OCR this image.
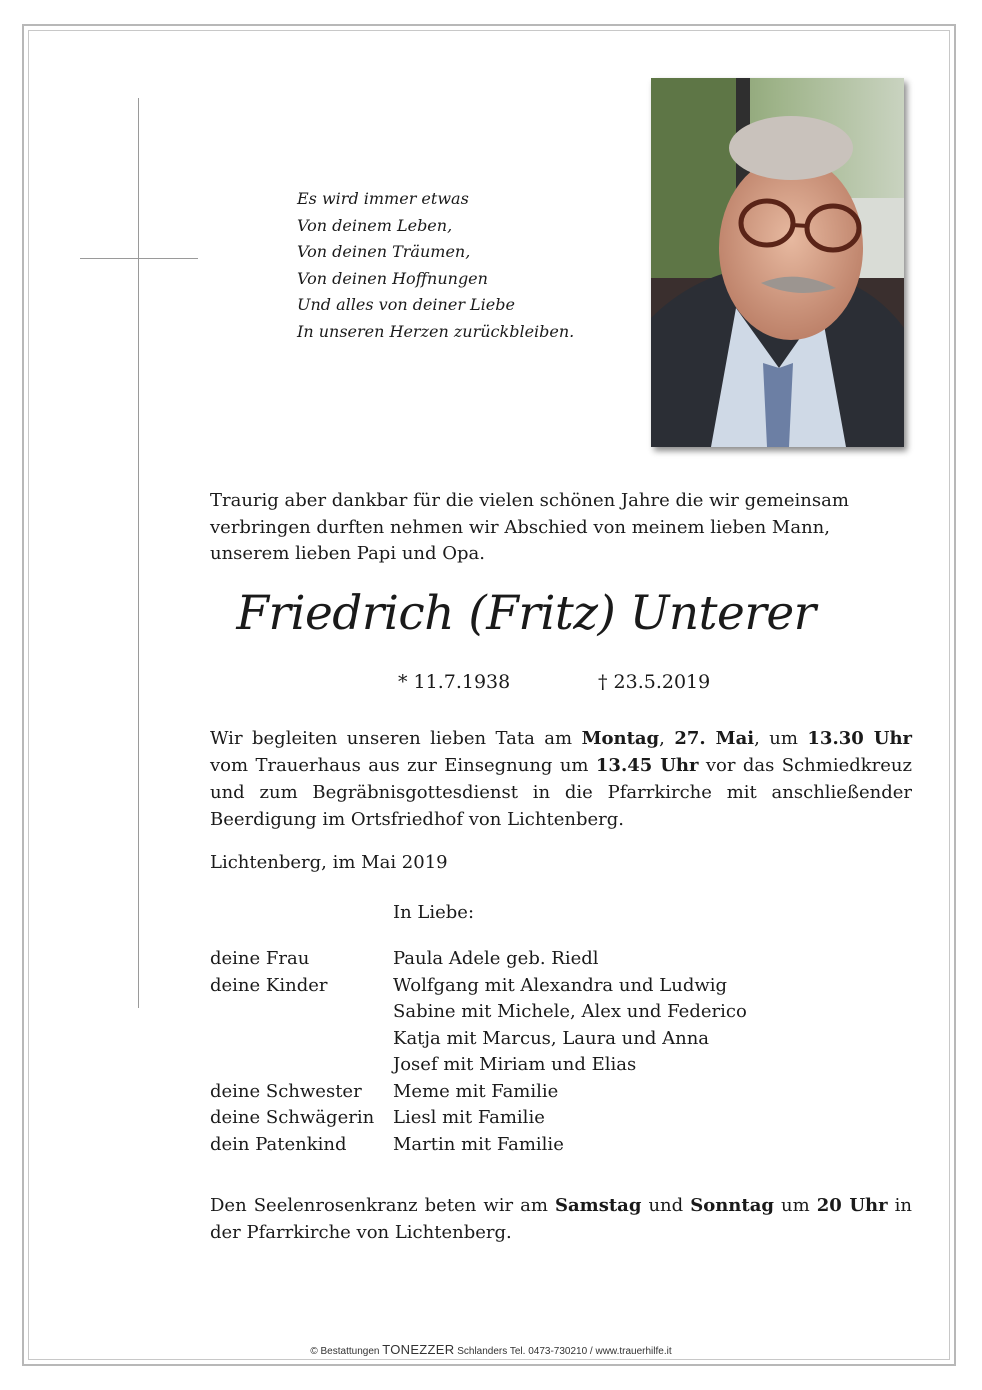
Es wird immer etwas
Von deinem Leben,
Von deinen Träumen,
Von deinen Hoffnungen
Und alles von deiner Liebe
In unseren Herzen zurückbleiben.
Traurig aber dankbar für die vielen schönen Jahre die wir gemeinsam
verbringen durften nehmen wir Abschied von meinem lieben Mann,
unserem lieben Papi und Opa.
Friedrich (Fritz) Unterer
* 11.7.1938	† 23.5.2019
Wir begleiten unseren lieben Tata am Montag, 27. Mai, um 13.30 Uhr vom Trauerhaus aus zur Einsegnung um 13.45 Uhr vor das Schmiedkreuz und zum Begräbnisgottesdienst in die Pfarrkirche mit anschließender Beerdigung im Ortsfriedhof von Lichtenberg.
Lichtenberg, im Mai 2019
In Liebe:
deine Frau	Paula Adele geb. Riedl
deine Kinder	Wolfgang mit Alexandra und Ludwig
Sabine mit Michele, Alex und Federico
Katja mit Marcus, Laura und Anna
Josef mit Miriam und Elias
deine Schwester	Meme mit Familie
deine Schwägerin	Liesl mit Familie
dein Patenkind	Martin mit Familie
Den Seelenrosenkranz beten wir am Samstag und Sonntag um 20 Uhr in der Pfarrkirche von Lichtenberg.
© Bestattungen TONEZZER Schlanders Tel. 0473-730210 / www.trauerhilfe.it
